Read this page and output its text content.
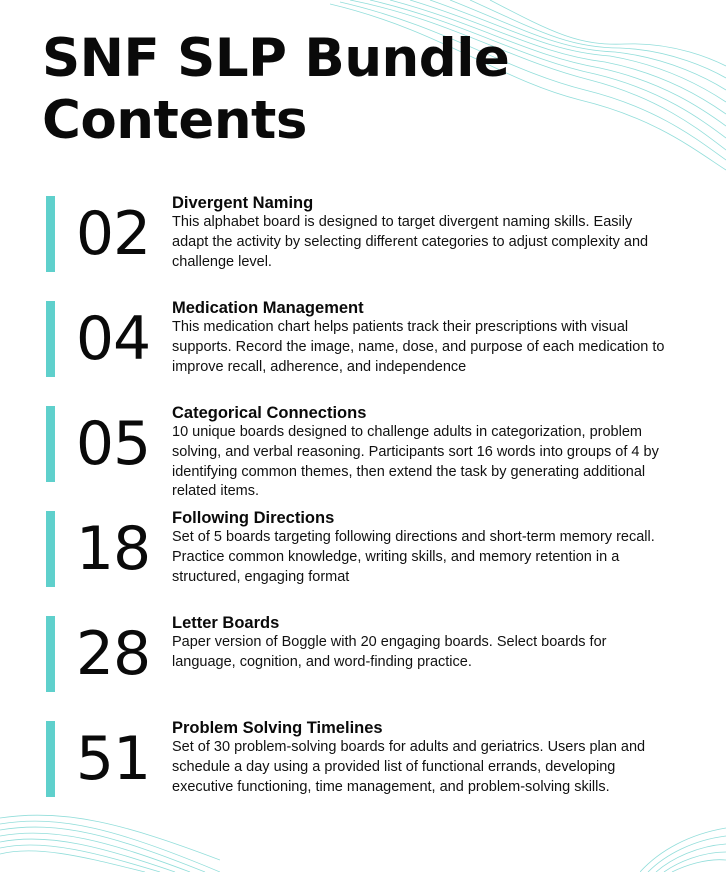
SNF SLP Bundle
Contents
02	Divergent Naming

This alphabet board is designed to target divergent naming skills. Easily adapt the activity by selecting different categories to adjust complexity and challenge level.

04	Medication Management

This medication chart helps patients track their prescriptions with visual supports. Record the image, name, dose, and purpose of each medication to improve recall, adherence, and independence

05	Categorical Connections

10 unique boards designed to challenge adults in categorization, problem solving, and verbal reasoning. Participants sort 16 words into groups of 4 by identifying common themes, then extend the task by generating additional related items.

18	Following Directions

Set of 5 boards targeting following directions and short-term memory recall. Practice common knowledge, writing skills, and memory retention in a structured, engaging format

28	Letter Boards

Paper version of Boggle with 20 engaging boards. Select boards for language, cognition, and word-finding practice.

51	Problem Solving Timelines

Set of 30 problem-solving boards for adults and geriatrics. Users plan and schedule a day using a provided list of functional errands, developing executive functioning, time management, and problem-solving skills.
